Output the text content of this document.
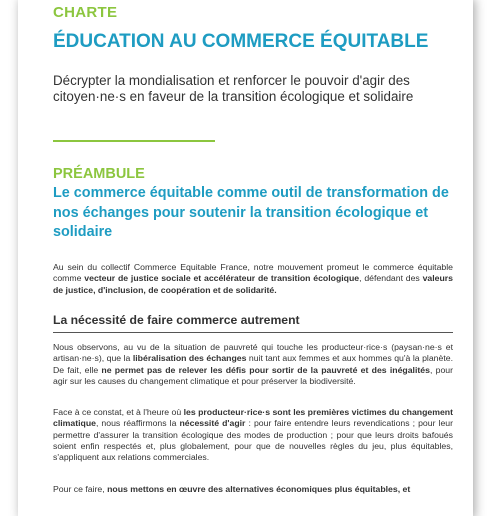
CHARTE
ÉDUCATION AU COMMERCE ÉQUITABLE

Décrypter la mondialisation et renforcer le pouvoir d'agir des citoyen·ne·s en faveur de la transition écologique et solidaire

PRÉAMBULE
Le commerce équitable comme outil de transformation de nos échanges pour soutenir la transition écologique et solidaire

Au sein du collectif Commerce Equitable France, notre mouvement promeut le commerce équitable comme vecteur de justice sociale et accélérateur de transition écologique, défendant des valeurs de justice, d'inclusion, de coopération et de solidarité.

La nécessité de faire commerce autrement

Nous observons, au vu de la situation de pauvreté qui touche les producteur·rice·s (paysan·ne·s et artisan·ne·s), que la libéralisation des échanges nuit tant aux femmes et aux hommes qu'à la planète. De fait, elle ne permet pas de relever les défis pour sortir de la pauvreté et des inégalités, pour agir sur les causes du changement climatique et pour préserver la biodiversité.

Face à ce constat, et à l'heure où les producteur·rice·s sont les premières victimes du changement climatique, nous réaffirmons la nécessité d'agir : pour faire entendre leurs revendications ; pour leur permettre d'assurer la transition écologique des modes de production ; pour que leurs droits bafoués soient enfin respectés et, plus globalement, pour que de nouvelles règles du jeu, plus équitables, s'appliquent aux relations commerciales.

Pour ce faire, nous mettons en œuvre des alternatives économiques plus équitables, et
